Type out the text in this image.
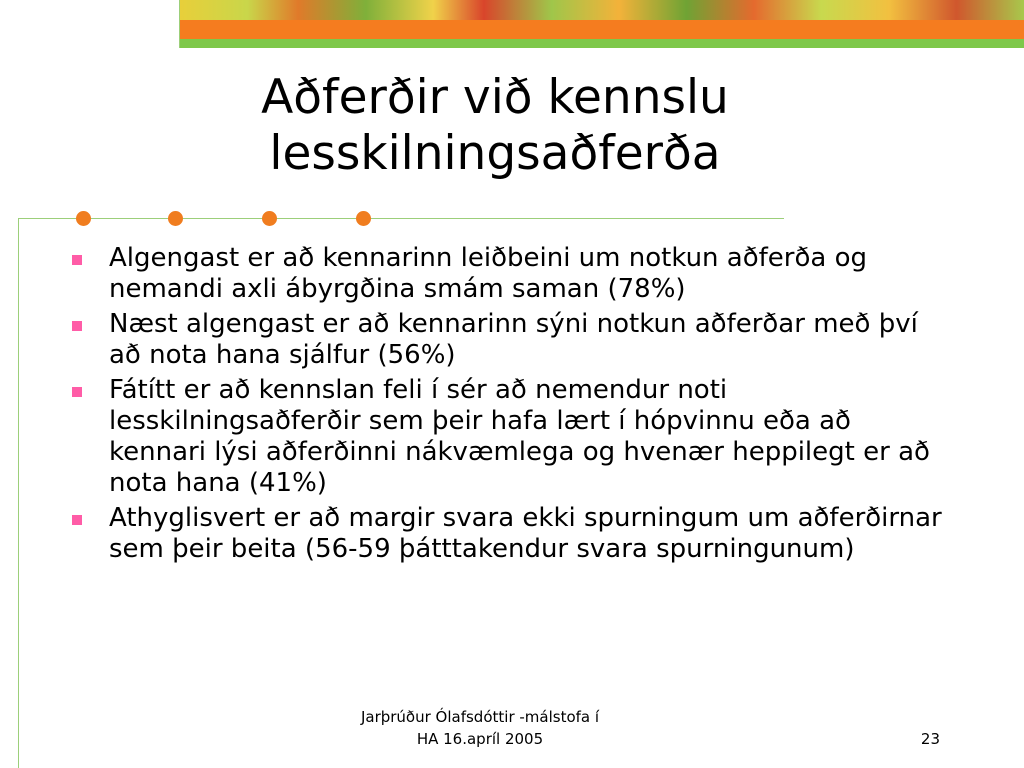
Aðferðir við kennslu
lesskilningsaðferða
Algengast er að kennarinn leiðbeini um notkun aðferða og nemandi axli ábyrgðina smám saman (78%)
Næst algengast er að kennarinn sýni notkun aðferðar með því að nota hana sjálfur (56%)
Fátítt er að kennslan feli í sér að nemendur noti lesskilningsaðferðir sem þeir hafa lært í hópvinnu eða að kennari lýsi aðferðinni nákvæmlega og hvenær heppilegt er að nota hana (41%)
Athyglisvert er að margir svara ekki spurningum um aðferðirnar sem þeir beita (56-59 þátttakendur svara spurningunum)
Jarþrúður Ólafsdóttir -málstofa í
HA 16.apríl 2005	23
